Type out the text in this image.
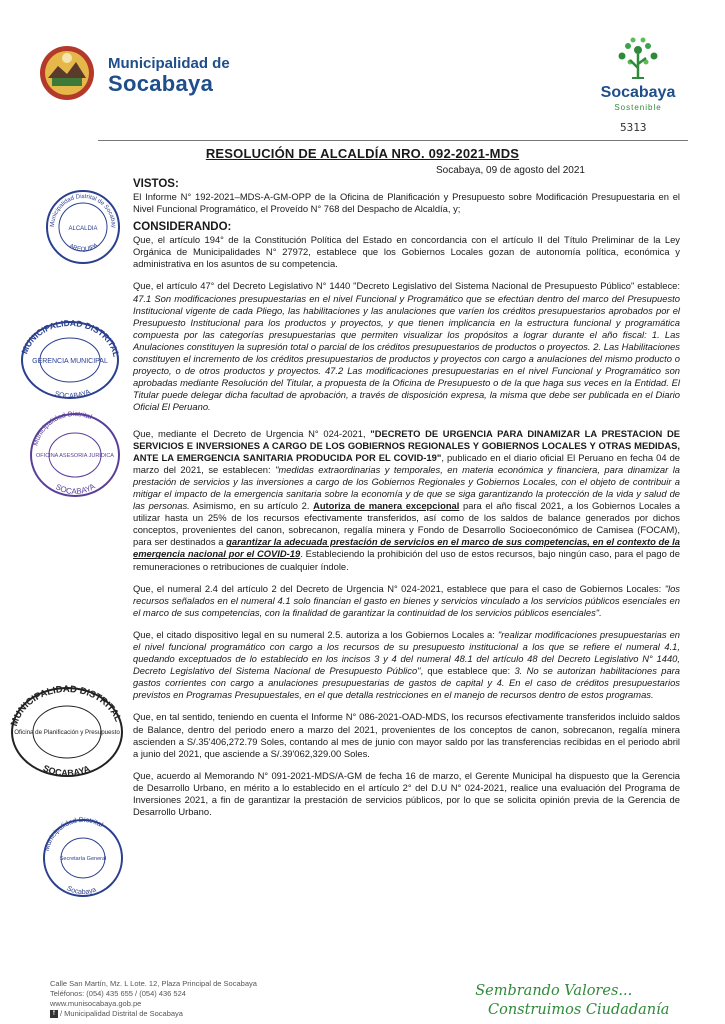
Municipalidad de
Socabaya	Socabaya
Sostenible
5313
RESOLUCIÓN DE ALCALDÍA NRO. 092-2021-MDS
Socabaya, 09 de agosto del 2021

VISTOS:

El Informe N° 192-2021–MDS-A-GM-OPP de la Oficina de Planificación y Presupuesto sobre Modificación Presupuestaria en el Nivel Funcional Programático, el Proveído N° 768 del Despacho de Alcaldía, y;

CONSIDERANDO:

Que, el artículo 194° de la Constitución Política del Estado en concordancia con el artículo II del Título Preliminar de la Ley Orgánica de Municipalidades N° 27972, establece que los Gobiernos Locales gozan de autonomía política, económica y administrativa en los asuntos de su competencia.

Que, el artículo 47° del Decreto Legislativo N° 1440 "Decreto Legislativo del Sistema Nacional de Presupuesto Público" establece: 47.1 Son modificaciones presupuestarias en el nivel Funcional y Programático que se efectúan dentro del marco del Presupuesto Institucional vigente de cada Pliego, las habilitaciones y las anulaciones que varíen los créditos presupuestarios aprobados por el Presupuesto Institucional para los productos y proyectos, y que tienen implicancia en la estructura funcional y programática compuesta por las categorías presupuestarias que permiten visualizar los propósitos a lograr durante el año fiscal: 1. Las Anulaciones constituyen la supresión total o parcial de los créditos presupuestarios de productos o proyectos. 2. Las Habilitaciones constituyen el incremento de los créditos presupuestarios de productos y proyectos con cargo a anulaciones del mismo producto o proyecto, o de otros productos y proyectos. 47.2 Las modificaciones presupuestarias en el nivel Funcional y Programático son aprobadas mediante Resolución del Titular, a propuesta de la Oficina de Presupuesto o de la que haga sus veces en la Entidad. El Titular puede delegar dicha facultad de aprobación, a través de disposición expresa, la misma que debe ser publicada en el Diario Oficial El Peruano.

Que, mediante el Decreto de Urgencia N° 024-2021, "DECRETO DE URGENCIA PARA DINAMIZAR LA PRESTACION DE SERVICIOS E INVERSIONES A CARGO DE LOS GOBIERNOS REGIONALES Y GOBIERNOS LOCALES Y OTRAS MEDIDAS, ANTE LA EMERGENCIA SANITARIA PRODUCIDA POR EL COVID-19", publicado en el diario oficial El Peruano en fecha 04 de marzo del 2021, se establecen: "medidas extraordinarias y temporales, en materia económica y financiera, para dinamizar la prestación de servicios y las inversiones a cargo de los Gobiernos Regionales y Gobiernos Locales, con el objeto de contribuir a mitigar el impacto de la emergencia sanitaria sobre la economía y de que se siga garantizando la protección de la vida y salud de las personas. Asimismo, en su artículo 2. Autoriza de manera excepcional para el año fiscal 2021, a los Gobiernos Locales a utilizar hasta un 25% de los recursos efectivamente transferidos, así como de los saldos de balance generados por dichos conceptos, provenientes del canon, sobrecanon, regalía minera y Fondo de Desarrollo Socioeconómico de Camisea (FOCAM), para ser destinados a garantizar la adecuada prestación de servicios en el marco de sus competencias, en el contexto de la emergencia nacional por el COVID-19. Estableciendo la prohibición del uso de estos recursos, bajo ningún caso, para el pago de remuneraciones o retribuciones de cualquier índole.

Que, el numeral 2.4 del artículo 2 del Decreto de Urgencia N° 024-2021, establece que para el caso de Gobiernos Locales: "los recursos señalados en el numeral 4.1 solo financian el gasto en bienes y servicios vinculado a los servicios públicos esenciales en el marco de sus competencias, con la finalidad de garantizar la continuidad de los servicios públicos esenciales".

Que, el citado dispositivo legal en su numeral 2.5. autoriza a los Gobiernos Locales a: "realizar modificaciones presupuestarias en el nivel funcional programático con cargo a los recursos de su presupuesto institucional a los que se refiere el numeral 4.1, quedando exceptuados de lo establecido en los incisos 3 y 4 del numeral 48.1 del artículo 48 del Decreto Legislativo N° 1440, Decreto Legislativo del Sistema Nacional de Presupuesto Público", que establece que: 3. No se autorizan habilitaciones para gastos corrientes con cargo a anulaciones presupuestarias de gastos de capital y 4. En el caso de créditos presupuestarios previstos en Programas Presupuestales, en el que detalla restricciones en el manejo de recursos dentro de estos programas.

Que, en tal sentido, teniendo en cuenta el Informe N° 086-2021-OAD-MDS, los recursos efectivamente transferidos incluido saldos de Balance, dentro del periodo enero a marzo del 2021, provenientes de los conceptos de canon, sobrecanon, regalía minera ascienden a S/.35'406,272.79 Soles, contando al mes de junio con mayor saldo por las transferencias recibidas en el periodo abril a junio del 2021, que asciende a S/.39'062,329.00 Soles.

Que, acuerdo al Memorando N° 091-2021-MDS/A-GM de fecha 16 de marzo, el Gerente Municipal ha dispuesto que la Gerencia de Desarrollo Urbano, en mérito a lo establecido en el artículo 2° del D.U N° 024-2021, realice una evaluación del Programa de Inversiones 2021, a fin de garantizar la prestación de servicios públicos, por lo que se solicita opinión previa de la Gerencia de Desarrollo Urbano.

Municipalidad Distrital de Socabay
ALCALDIA
AREQUIPA
MUNICIPALIDAD DISTRITAL
GERENCIA MUNICIPAL
SOCABAYA
Municipalidad Distrital
OFICINA ASESORIA JURIDICA
SOCABAYA
MUNICIPALIDAD DISTRITAL
Oficina de Planificación y Presupuesto
SOCABAYA
Municipalidad Distrital
Secretaría General
Socabaya
Calle San Martín, Mz. L Lote. 12, Plaza Principal de Socabaya
Teléfonos: (054) 435 655 / (054) 436 524
www.munisocabaya.gob.pe
f / Municipalidad Distrital de Socabaya
Sembrando Valores...
Construimos Ciudadanía
